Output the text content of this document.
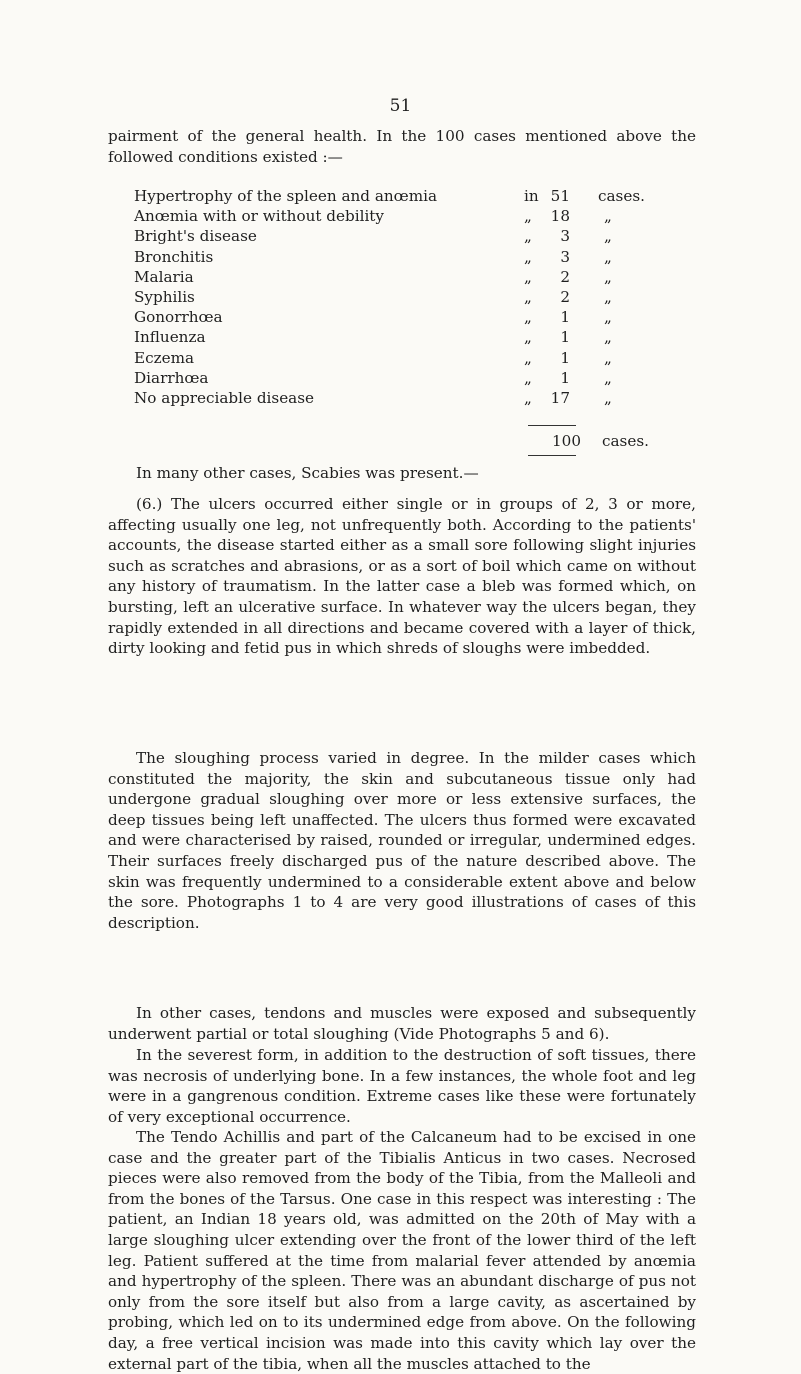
51

pairment of the general health. In the 100 cases mentioned above the followed conditions existed :—

Hypertrophy of the spleen and anœmia	in 51 cases.
Anœmia with or without debility	„	18 „
Bright's disease	„	3 „
Bronchitis	„	3 „
Malaria	„	2 „
Syphilis	„	2 „
Gonorrhœa	„	1 „
Influenza	„	1 „
Eczema	„	1 „
Diarrhœa	„	1 „
No appreciable disease	„	17 „
100 cases.

In many other cases, Scabies was present.—

(6.) The ulcers occurred either single or in groups of 2, 3 or more, affecting usually one leg, not unfrequently both. According to the patients' accounts, the disease started either as a small sore following slight injuries such as scratches and abrasions, or as a sort of boil which came on without any history of traumatism. In the latter case a bleb was formed which, on bursting, left an ulcerative surface. In whatever way the ulcers began, they rapidly extended in all directions and became covered with a layer of thick, dirty looking and fetid pus in which shreds of sloughs were imbedded.

The sloughing process varied in degree. In the milder cases which constituted the majority, the skin and subcutaneous tissue only had undergone gradual sloughing over more or less extensive surfaces, the deep tissues being left unaffected. The ulcers thus formed were excavated and were characterised by raised, rounded or irregular, undermined edges. Their surfaces freely discharged pus of the nature described above. The skin was frequently undermined to a considerable extent above and below the sore. Photographs 1 to 4 are very good illustrations of cases of this description.

In other cases, tendons and muscles were exposed and subsequently underwent partial or total sloughing (Vide Photographs 5 and 6).

In the severest form, in addition to the destruction of soft tissues, there was necrosis of underlying bone. In a few instances, the whole foot and leg were in a gangrenous condition. Extreme cases like these were fortunately of very exceptional occurrence.

The Tendo Achillis and part of the Calcaneum had to be excised in one case and the greater part of the Tibialis Anticus in two cases. Necrosed pieces were also removed from the body of the Tibia, from the Malleoli and from the bones of the Tarsus. One case in this respect was interesting : The patient, an Indian 18 years old, was admitted on the 20th of May with a large sloughing ulcer extending over the front of the lower third of the left leg. Patient suffered at the time from malarial fever attended by anœmia and hypertrophy of the spleen. There was an abundant discharge of pus not only from the sore itself but also from a large cavity, as ascertained by probing, which led on to its undermined edge from above. On the following day, a free vertical incision was made into this cavity which lay over the external part of the tibia, when all the muscles attached to the
